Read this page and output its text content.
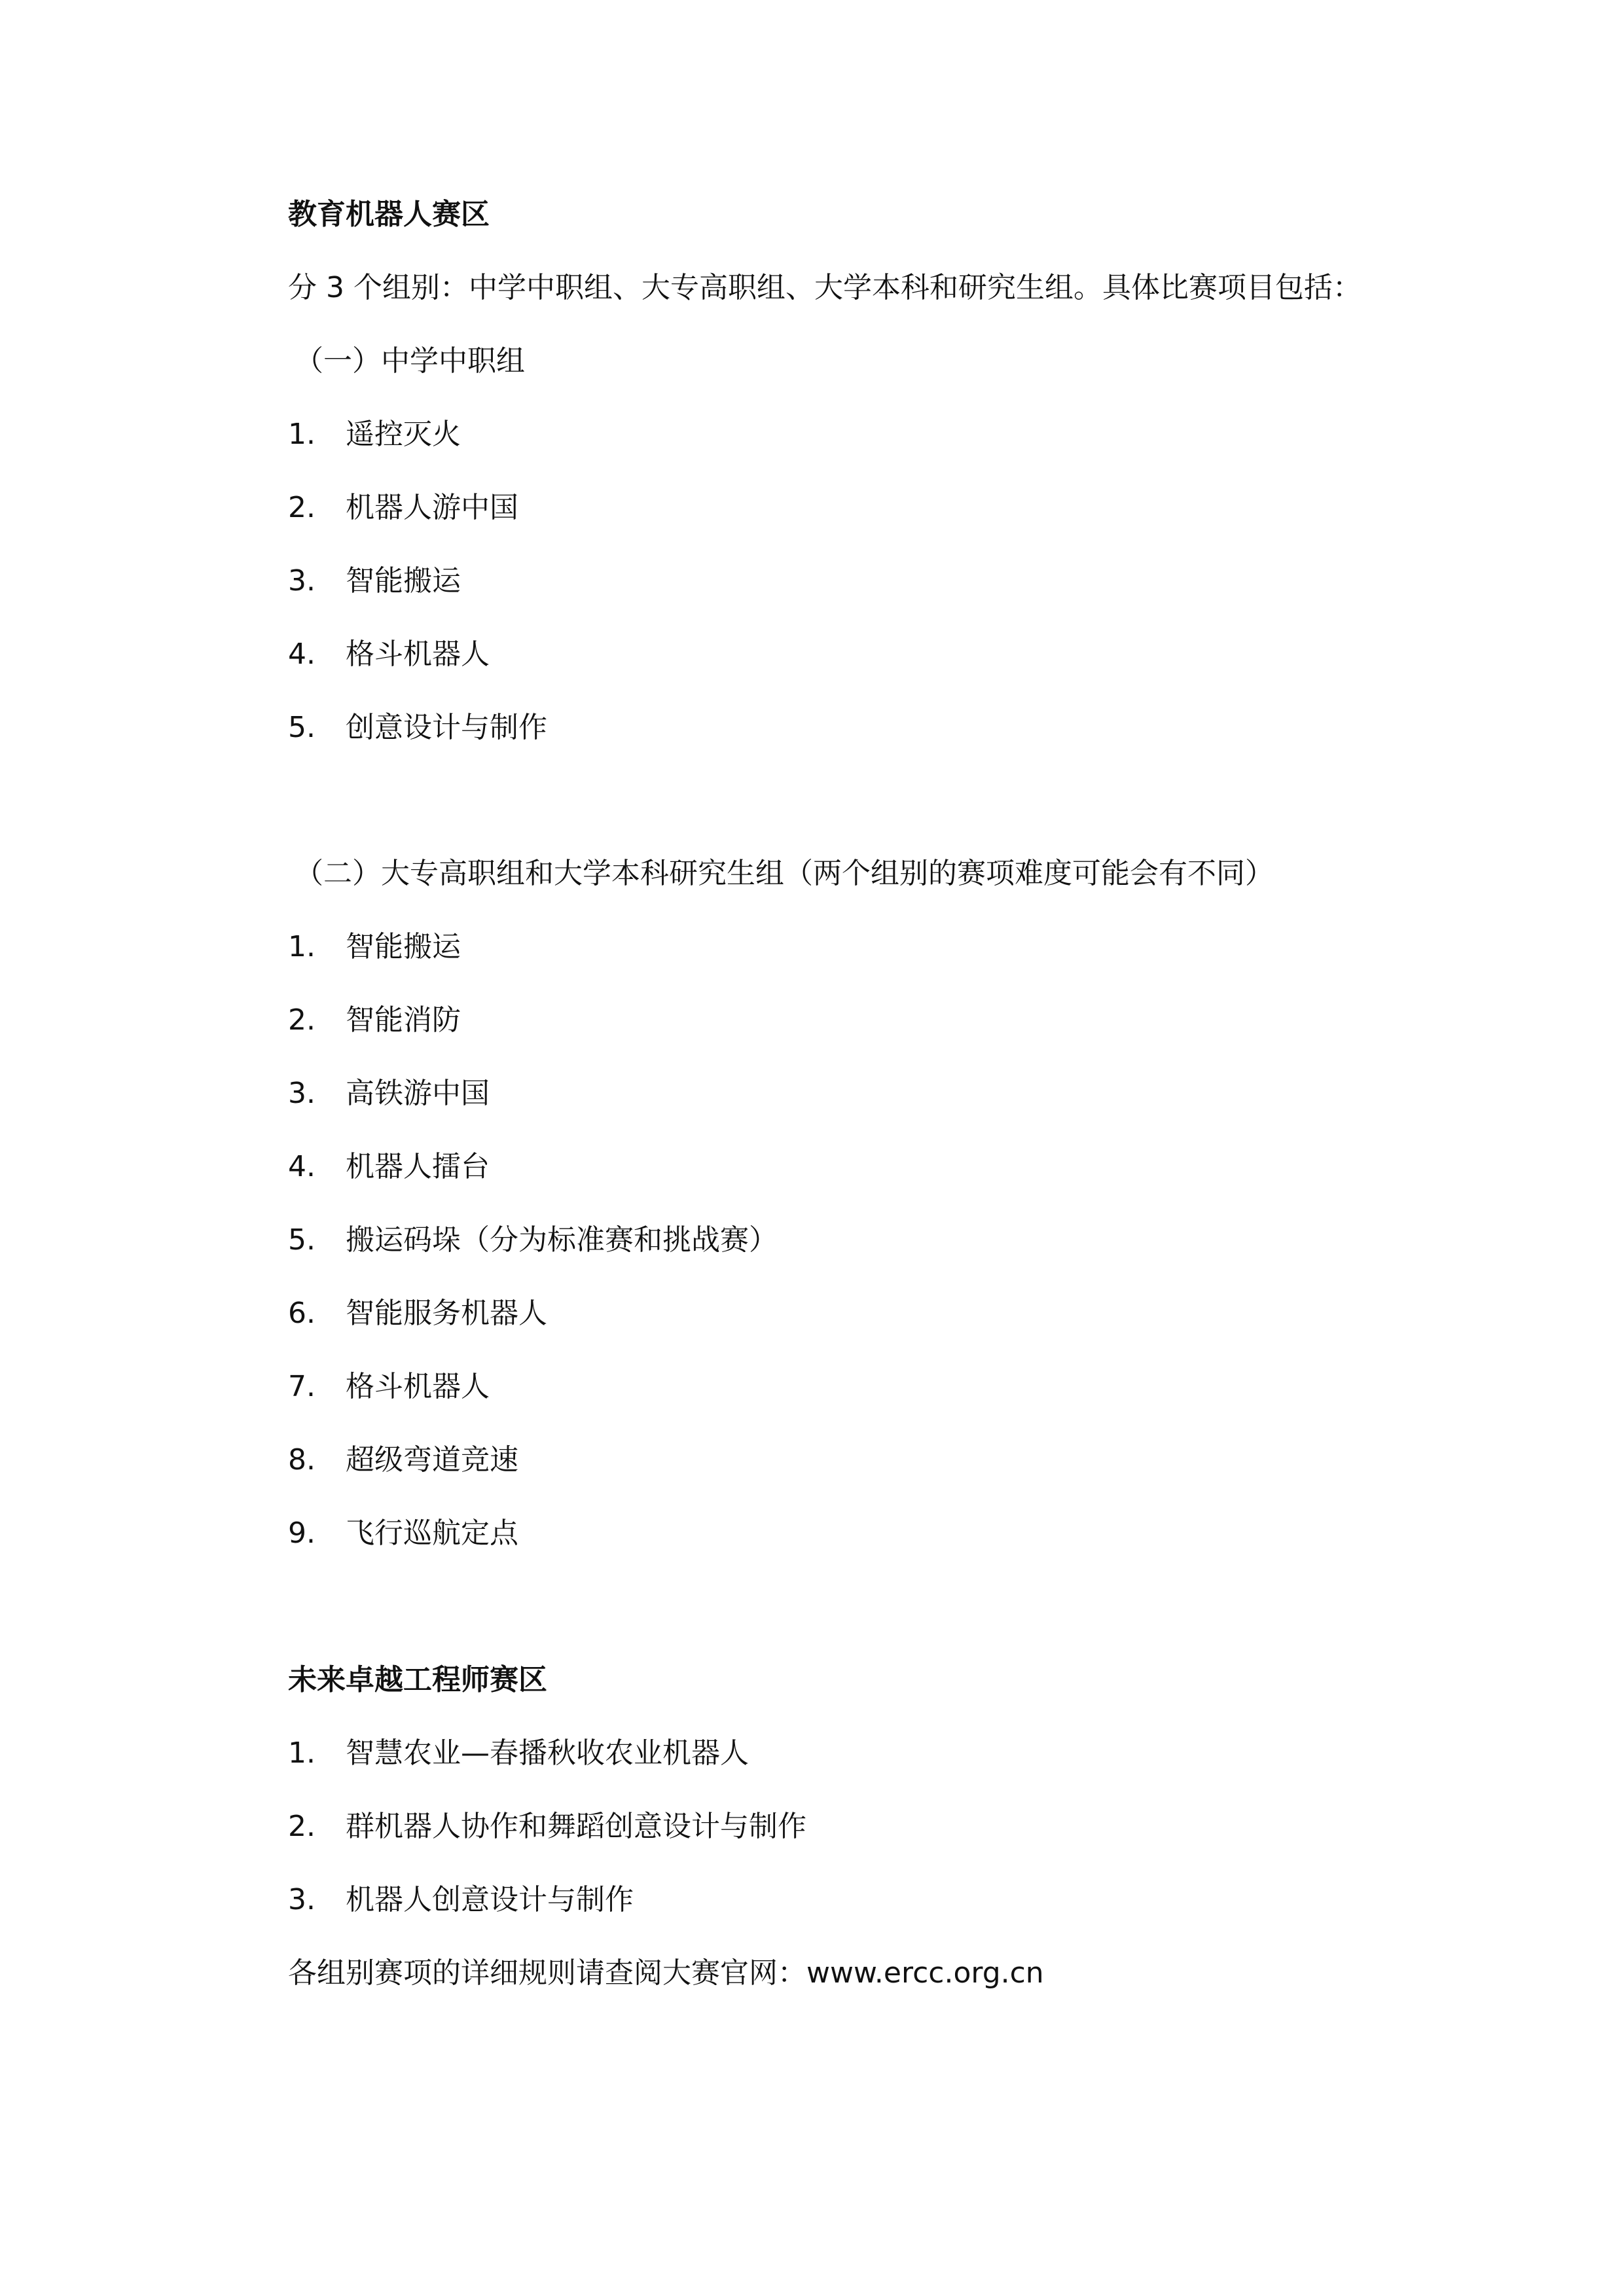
教育机器人赛区
分 3 个组别：中学中职组、大专高职组、大学本科和研究生组。具体比赛项目包括：
（一）中学中职组
1. 遥控灭火
2. 机器人游中国
3. 智能搬运
4. 格斗机器人
5. 创意设计与制作
（二）大专高职组和大学本科研究生组（两个组别的赛项难度可能会有不同）
1. 智能搬运
2. 智能消防
3. 高铁游中国
4. 机器人擂台
5. 搬运码垛（分为标准赛和挑战赛）
6. 智能服务机器人
7. 格斗机器人
8. 超级弯道竞速
9. 飞行巡航定点
未来卓越工程师赛区
1. 智慧农业—春播秋收农业机器人
2. 群机器人协作和舞蹈创意设计与制作
3. 机器人创意设计与制作
各组别赛项的详细规则请查阅大赛官网：www.ercc.org.cn
